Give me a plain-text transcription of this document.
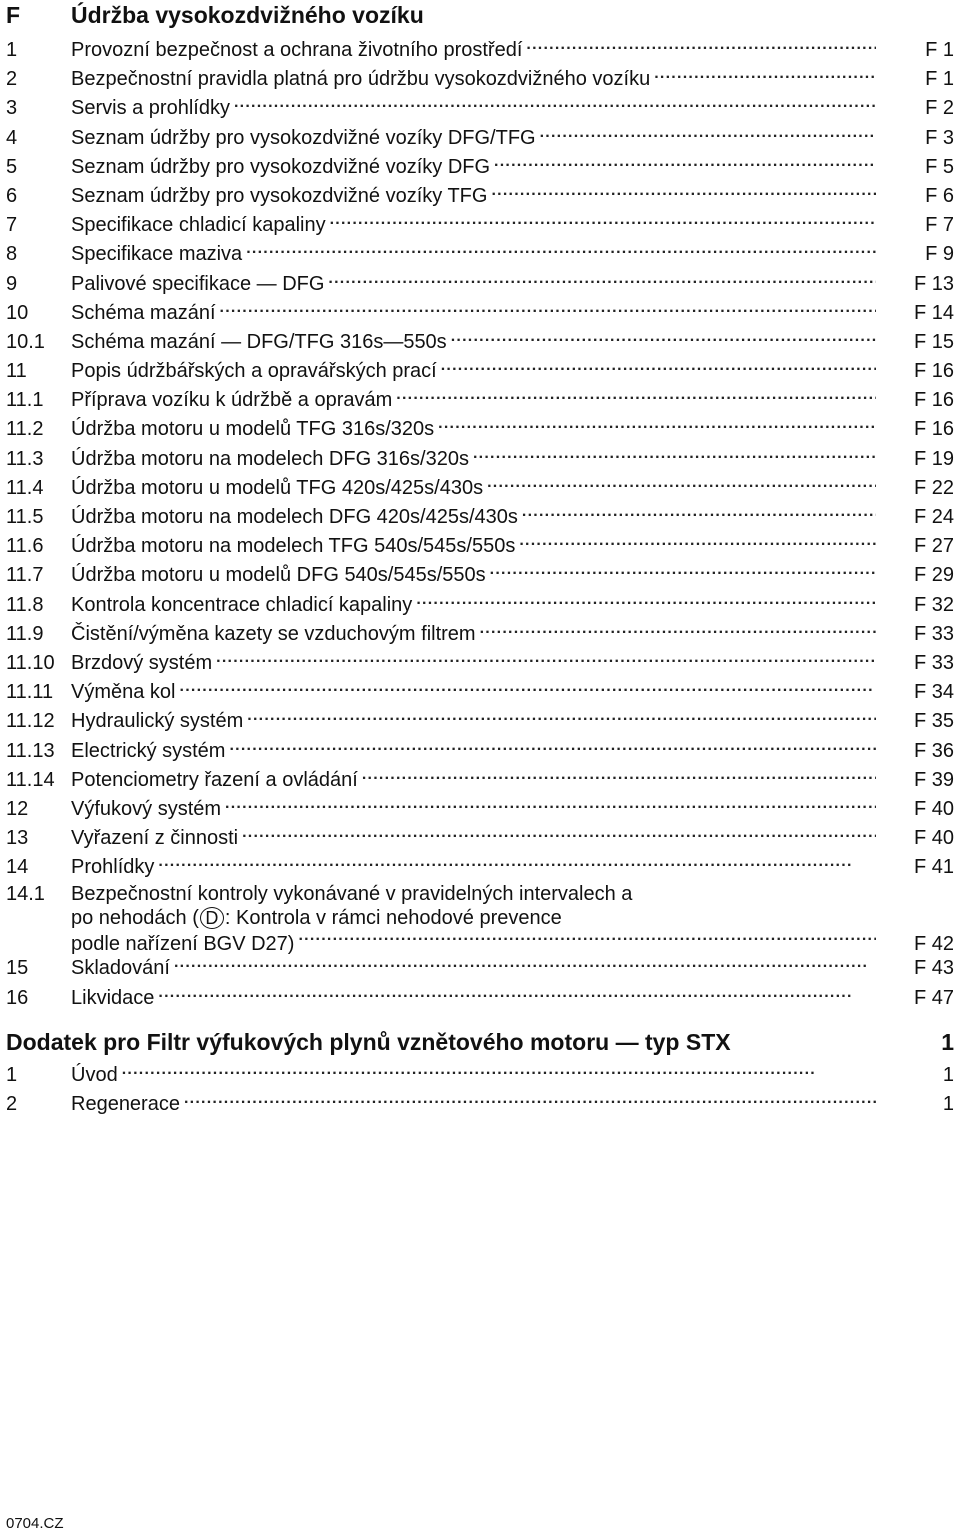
F	Údržba vysokozdvižného vozíku
1	Provozní bezpečnost a ochrana životního prostředí . . .	F 1
2	Bezpečnostní pravidla platná pro údržbu vysokozdvižného vozíku . . .	F 1
3	Servis a prohlídky . . .	F 2
4	Seznam údržby pro vysokozdvižné vozíky DFG/TFG . . .	F 3
5	Seznam údržby pro vysokozdvižné vozíky DFG . . .	F 5
6	Seznam údržby pro vysokozdvižné vozíky TFG . . .	F 6
7	Specifikace chladicí kapaliny . . .	F 7
8	Specifikace maziva . . .	F 9
9	Palivové specifikace — DFG . . .	F 13
10	Schéma mazání . . .	F 14
10.1	Schéma mazání — DFG/TFG 316s—550s . . .	F 15
11	Popis údržbářských a opravářských prací . . .	F 16
11.1	Příprava vozíku k údržbě a opravám . . .	F 16
11.2	Údržba motoru u modelů TFG 316s/320s . . .	F 16
11.3	Údržba motoru na modelech DFG 316s/320s . . .	F 19
11.4	Údržba motoru u modelů TFG 420s/425s/430s . . .	F 22
11.5	Údržba motoru na modelech DFG 420s/425s/430s . . .	F 24
11.6	Údržba motoru na modelech TFG 540s/545s/550s . . .	F 27
11.7	Údržba motoru u modelů DFG 540s/545s/550s . . .	F 29
11.8	Kontrola koncentrace chladicí kapaliny . . .	F 32
11.9	Čistění/výměna kazety se vzduchovým filtrem . . .	F 33
11.10 Brzdový systém . . .	F 33
11.11 Výměna kol . . .	F 34
11.12 Hydraulický systém . . .	F 35
11.13 Electrický systém . . .	F 36
11.14 Potenciometry řazení a ovládání . . .	F 39
12	Výfukový systém . . .	F 40
13	Vyřazení z činnosti . . .	F 40
14	Prohlídky . . .	F 41
14.1	Bezpečnostní kontroly vykonávané v pravidelných intervalech a
po nehodách ( D : Kontrola v rámci nehodové prevence
podle nařízení BGV D27) . . .	F 42
15	Skladování . . .	F 43
16	Likvidace . . .	F 47
Dodatek pro Filtr výfukových plynů vznětového motoru — typ STX	1
1	Úvod . . .	1
2	Regenerace . . .	1
0704.CZ
